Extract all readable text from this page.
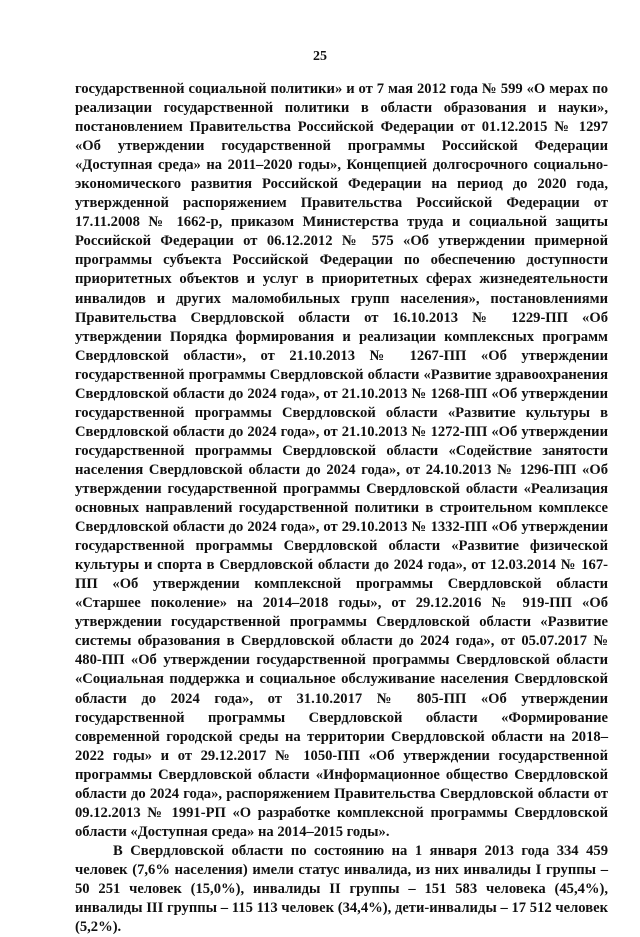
25

государственной социальной политики» и от 7 мая 2012 года № 599 «О мерах по реализации государственной политики в области образования и науки», постановлением Правительства Российской Федерации от 01.12.2015 № 1297 «Об утверждении государственной программы Российской Федерации «Доступная среда» на 2011–2020 годы», Концепцией долгосрочного социально-экономического развития Российской Федерации на период до 2020 года, утвержденной распоряжением Правительства Российской Федерации от 17.11.2008 № 1662-р, приказом Министерства труда и социальной защиты Российской Федерации от 06.12.2012 № 575 «Об утверждении примерной программы субъекта Российской Федерации по обеспечению доступности приоритетных объектов и услуг в приоритетных сферах жизнедеятельности инвалидов и других маломобильных групп населения», постановлениями Правительства Свердловской области от 16.10.2013 № 1229-ПП «Об утверждении Порядка формирования и реализации комплексных программ Свердловской области», от 21.10.2013 № 1267-ПП «Об утверждении государственной программы Свердловской области «Развитие здравоохранения Свердловской области до 2024 года», от 21.10.2013 № 1268-ПП «Об утверждении государственной программы Свердловской области «Развитие культуры в Свердловской области до 2024 года», от 21.10.2013 № 1272-ПП «Об утверждении государственной программы Свердловской области «Содействие занятости населения Свердловской области до 2024 года», от 24.10.2013 № 1296-ПП «Об утверждении государственной программы Свердловской области «Реализация основных направлений государственной политики в строительном комплексе Свердловской области до 2024 года», от 29.10.2013 № 1332-ПП «Об утверждении государственной программы Свердловской области «Развитие физической культуры и спорта в Свердловской области до 2024 года», от 12.03.2014 № 167-ПП «Об утверждении комплексной программы Свердловской области «Старшее поколение» на 2014–2018 годы», от 29.12.2016 № 919-ПП «Об утверждении государственной программы Свердловской области «Развитие системы образования в Свердловской области до 2024 года», от 05.07.2017 № 480-ПП «Об утверждении государственной программы Свердловской области «Социальная поддержка и социальное обслуживание населения Свердловской области до 2024 года», от 31.10.2017 № 805-ПП «Об утверждении государственной программы Свердловской области «Формирование современной городской среды на территории Свердловской области на 2018–2022 годы» и от 29.12.2017 № 1050-ПП «Об утверждении государственной программы Свердловской области «Информационное общество Свердловской области до 2024 года», распоряжением Правительства Свердловской области от 09.12.2013 № 1991-РП «О разработке комплексной программы Свердловской области «Доступная среда» на 2014–2015 годы».

В Свердловской области по состоянию на 1 января 2013 года 334 459 человек (7,6% населения) имели статус инвалида, из них инвалиды I группы – 50 251 человек (15,0%), инвалиды II группы – 151 583 человека (45,4%), инвалиды III группы – 115 113 человек (34,4%), дети-инвалиды – 17 512 человек (5,2%).
